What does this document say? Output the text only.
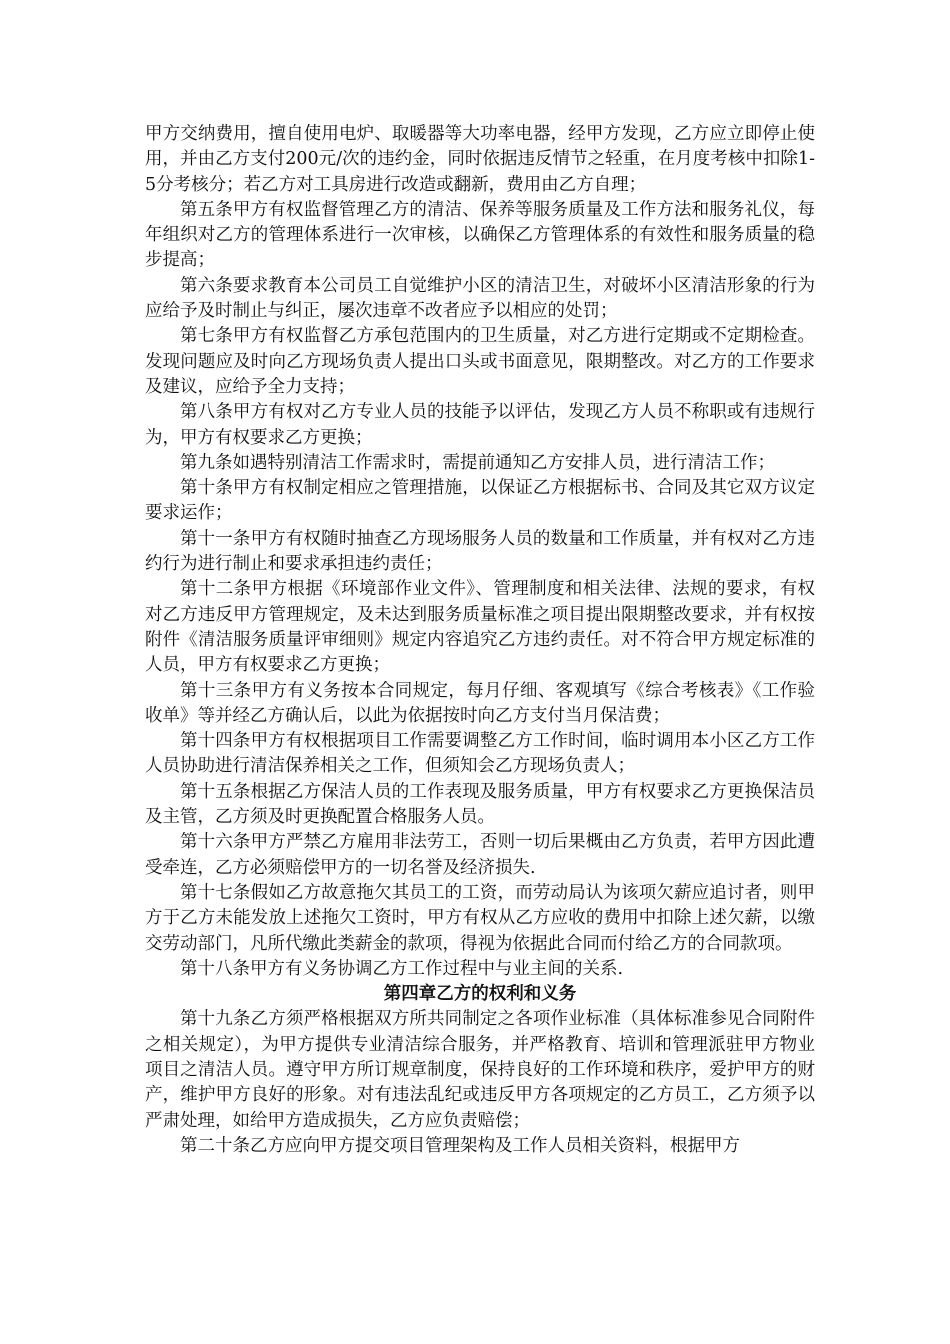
甲方交纳费用，擅自使用电炉、取暖器等大功率电器，经甲方发现，乙方应立即停止使用，并由乙方支付200元/次的违约金，同时依据违反情节之轻重，在月度考核中扣除1-5分考核分；若乙方对工具房进行改造或翻新，费用由乙方自理；

第五条甲方有权监督管理乙方的清洁、保养等服务质量及工作方法和服务礼仪，每年组织对乙方的管理体系进行一次审核，以确保乙方管理体系的有效性和服务质量的稳步提高；

第六条要求教育本公司员工自觉维护小区的清洁卫生，对破坏小区清洁形象的行为应给予及时制止与纠正，屡次违章不改者应予以相应的处罚；

第七条甲方有权监督乙方承包范围内的卫生质量，对乙方进行定期或不定期检查。发现问题应及时向乙方现场负责人提出口头或书面意见，限期整改。对乙方的工作要求及建议，应给予全力支持；

第八条甲方有权对乙方专业人员的技能予以评估，发现乙方人员不称职或有违规行为，甲方有权要求乙方更换；

第九条如遇特别清洁工作需求时，需提前通知乙方安排人员，进行清洁工作；

第十条甲方有权制定相应之管理措施，以保证乙方根据标书、合同及其它双方议定要求运作；

第十一条甲方有权随时抽查乙方现场服务人员的数量和工作质量，并有权对乙方违约行为进行制止和要求承担违约责任；

第十二条甲方根据《环境部作业文件》、管理制度和相关法律、法规的要求，有权对乙方违反甲方管理规定，及未达到服务质量标准之项目提出限期整改要求，并有权按附件《清洁服务质量评审细则》规定内容追究乙方违约责任。对不符合甲方规定标准的人员，甲方有权要求乙方更换；

第十三条甲方有义务按本合同规定，每月仔细、客观填写《综合考核表》《工作验收单》等并经乙方确认后，以此为依据按时向乙方支付当月保洁费；

第十四条甲方有权根据项目工作需要调整乙方工作时间，临时调用本小区乙方工作人员协助进行清洁保养相关之工作，但须知会乙方现场负责人；

第十五条根据乙方保洁人员的工作表现及服务质量，甲方有权要求乙方更换保洁员及主管，乙方须及时更换配置合格服务人员。

第十六条甲方严禁乙方雇用非法劳工，否则一切后果概由乙方负责，若甲方因此遭受牵连，乙方必须赔偿甲方的一切名誉及经济损失.

第十七条假如乙方故意拖欠其员工的工资，而劳动局认为该项欠薪应追讨者，则甲方于乙方未能发放上述拖欠工资时，甲方有权从乙方应收的费用中扣除上述欠薪，以缴交劳动部门，凡所代缴此类薪金的款项，得视为依据此合同而付给乙方的合同款项。

第十八条甲方有义务协调乙方工作过程中与业主间的关系.

第四章乙方的权利和义务

第十九条乙方须严格根据双方所共同制定之各项作业标准（具体标准参见合同附件之相关规定），为甲方提供专业清洁综合服务，并严格教育、培训和管理派驻甲方物业项目之清洁人员。遵守甲方所订规章制度，保持良好的工作环境和秩序，爱护甲方的财产，维护甲方良好的形象。对有违法乱纪或违反甲方各项规定的乙方员工，乙方须予以严肃处理，如给甲方造成损失，乙方应负责赔偿；

第二十条乙方应向甲方提交项目管理架构及工作人员相关资料，根据甲方
